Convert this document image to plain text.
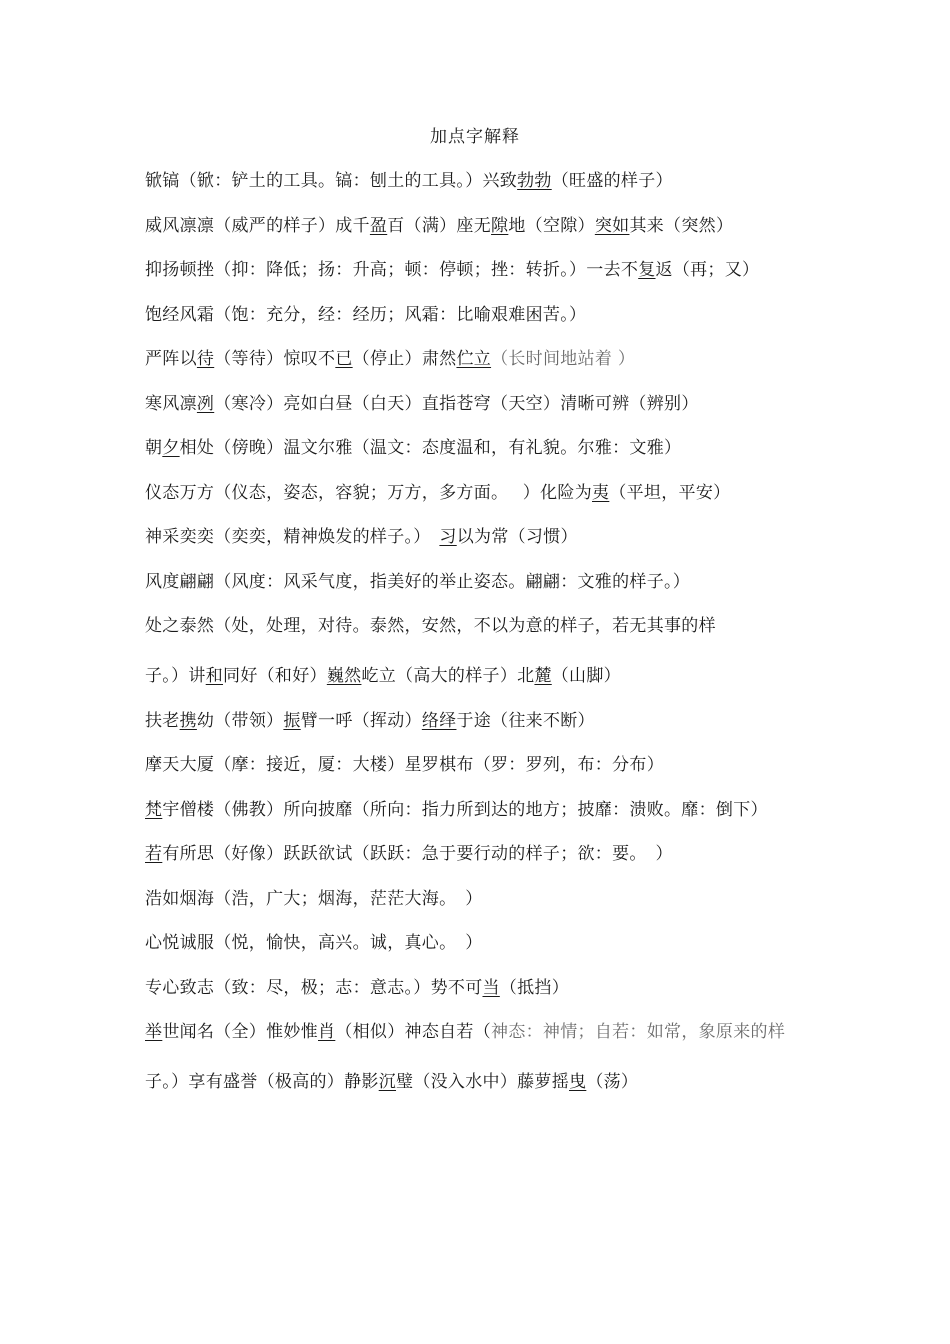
加点字解释
锨镐（锨：铲土的工具。镐：刨土的工具。）兴致勃勃（旺盛的样子）
威风凛凛（威严的样子）成千盈百（满）座无隙地（空隙）突如其来（突然）
抑扬顿挫（抑：降低；扬：升高；顿：停顿；挫：转折。）一去不复返（再；又）
饱经风霜（饱：充分，经：经历；风霜：比喻艰难困苦。）
严阵以待（等待）惊叹不已（停止）肃然伫立（长时间地站着 ）
寒风凛冽（寒冷）亮如白昼（白天）直指苍穹（天空）清晰可辨（辨别）
朝夕相处（傍晚）温文尔雅（温文：态度温和，有礼貌。尔雅：文雅）
仪态万方（仪态，姿态，容貌；万方，多方面。　 ）化险为夷（平坦，平安）
神采奕奕（奕奕，精神焕发的样子。）　习以为常（习惯）
风度翩翩（风度：风采气度，指美好的举止姿态。翩翩：文雅的样子。）
处之泰然（处，处理，对待。泰然，安然，不以为意的样子，若无其事的样
子。）讲和同好（和好）巍然屹立（高大的样子）北麓（山脚）
扶老携幼（带领）振臂一呼（挥动）络绎于途（往来不断）
摩天大厦（摩：接近，厦：大楼）星罗棋布（罗：罗列，布：分布）
梵宇僧楼（佛教）所向披靡（所向：指力所到达的地方；披靡：溃败。靡：倒下）
若有所思（好像）跃跃欲试（跃跃：急于要行动的样子；欲：要。　）
浩如烟海（浩，广大；烟海，茫茫大海。　）
心悦诚服（悦，愉快，高兴。诚，真心。　）
专心致志（致：尽，极；志：意志。）势不可当（抵挡）
举世闻名（全）惟妙惟肖（相似）神态自若（神态：神情；自若：如常，象原来的样
子。）享有盛誉（极高的）静影沉璧（没入水中）藤萝摇曳（荡）
